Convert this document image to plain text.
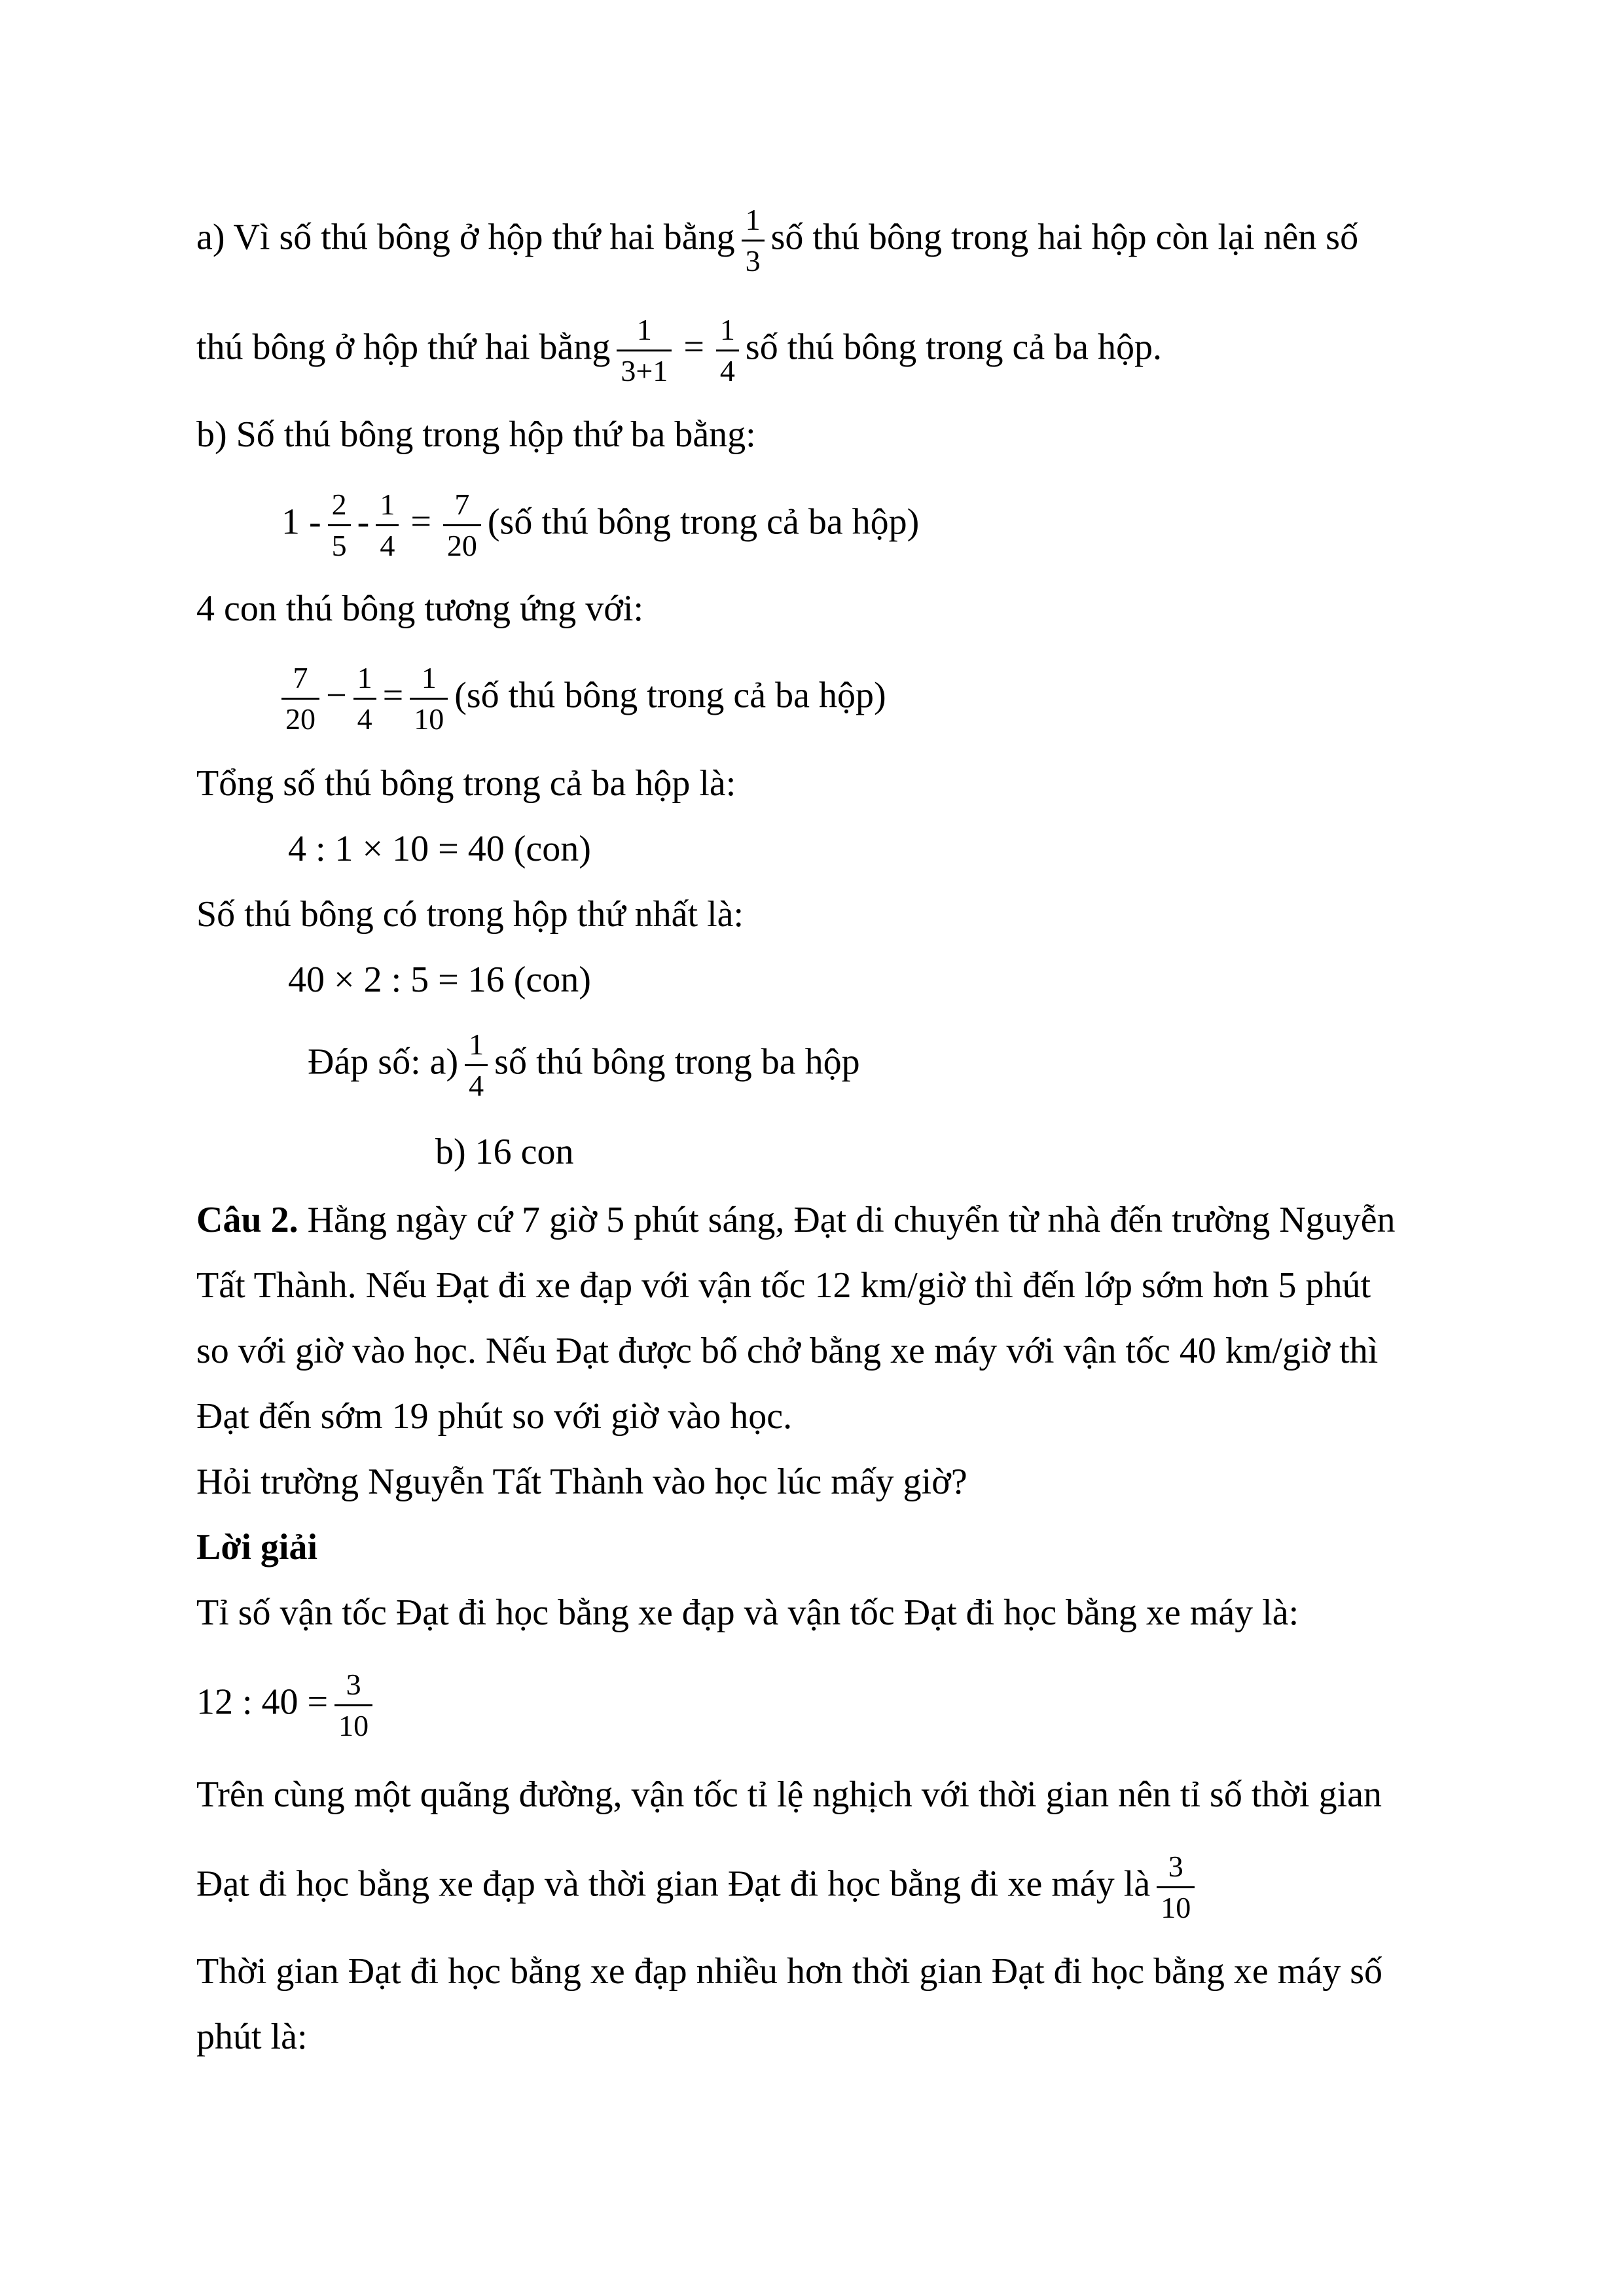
a) Vì số thú bông ở hộp thứ hai bằng $\frac{1}{3}$ số thú bông trong hai hộp còn lại nên số
thú bông ở hộp thứ hai bằng $\frac{1}{3+1} = \frac{1}{4}$ số thú bông trong cả ba hộp.
b) Số thú bông trong hộp thứ ba bằng:
$1 - \frac{2}{5} - \frac{1}{4} = \frac{7}{20}$ (số thú bông trong cả ba hộp)
4 con thú bông tương ứng với:
$\frac{7}{20} - \frac{1}{4} = \frac{1}{10}$ (số thú bông trong cả ba hộp)
Tổng số thú bông trong cả ba hộp là:
4 : 1 × 10 = 40 (con)
Số thú bông có trong hộp thứ nhất là:
40 × 2 : 5 = 16 (con)
Đáp số: $a) \frac{1}{4}$ số thú bông trong ba hộp
b) 16 con
Câu 2. Hằng ngày cứ 7 giờ 5 phút sáng, Đạt di chuyển từ nhà đến trường Nguyễn
Tất Thành. Nếu Đạt đi xe đạp với vận tốc 12 km/giờ thì đến lớp sớm hơn 5 phút
so với giờ vào học. Nếu Đạt được bố chở bằng xe máy với vận tốc 40 km/giờ thì
Đạt đến sớm 19 phút so với giờ vào học.
Hỏi trường Nguyễn Tất Thành vào học lúc mấy giờ?
Lời giải
Tỉ số vận tốc Đạt đi học bằng xe đạp và vận tốc Đạt đi học bằng xe máy là:
12 : $40 = \frac{3}{10}$
Trên cùng một quãng đường, vận tốc tỉ lệ nghịch với thời gian nên tỉ số thời gian
Đạt đi học bằng xe đạp và thời gian Đạt đi học bằng đi xe máy là $\frac{3}{10}$
Thời gian Đạt đi học bằng xe đạp nhiều hơn thời gian Đạt đi học bằng xe máy số
phút là:
